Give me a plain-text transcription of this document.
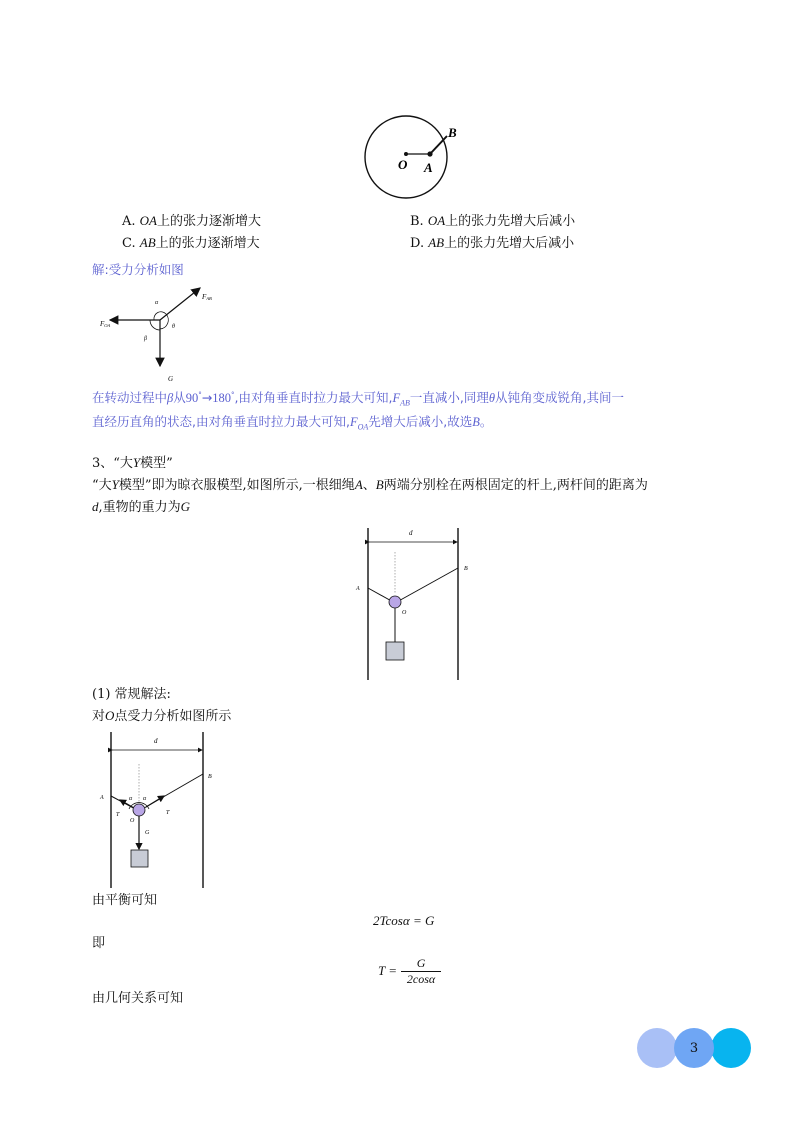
O A
B
A. OA上的张力逐渐增大	B. OA上的张力先增大后减小
C. AB上的张力逐渐增大	D. AB上的张力先增大后减小
解:受力分析如图
FAB
FOA
α
θ
β
G
在转动过程中β从90°→180°,由对角垂直时拉力最大可知$,F_{AB}$一直减小,同理θ从钝角变成锐角,其间一
直经历直角的状态,由对角垂直时拉力最大可知$,F_{OA}$先增大后减小,故选B。
3、“大Y模型”
“大Y模型”即为晾衣服模型,如图所示,一根细绳A、B两端分别栓在两根固定的杆上,两杆间的距离为
d,重物的重力为G
d
A
B
O
(1) 常规解法:
对O点受力分析如图所示
d
A
B
O
T	T
G
α α
由平衡可知
2Tcosα = G
即
T =
G
2cosα
由几何关系可知
3
